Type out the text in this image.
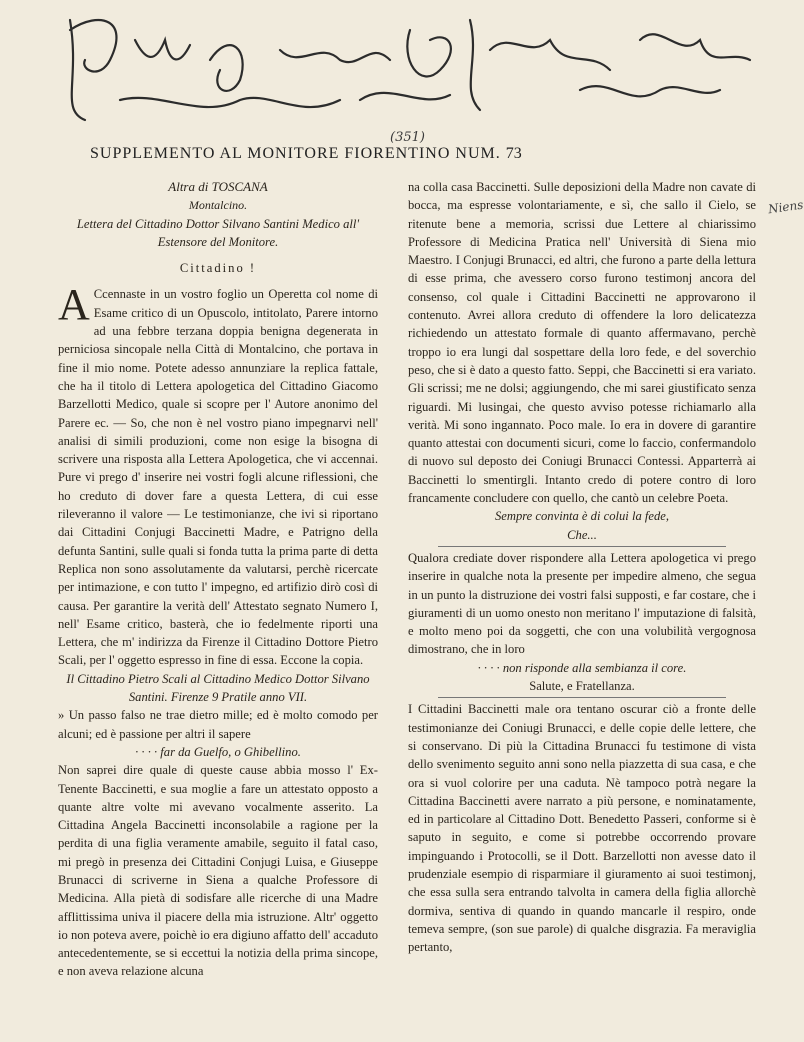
(351)
SUPPLEMENTO AL MONITORE FIORENTINO NUM. 73

Altra di TOSCANA

Montalcino.

Lettera del Cittadino Dottor Silvano Santini Medico all' Estensore del Monitore.

Cittadino !

A Ccennaste in un vostro foglio un Operetta col nome di Esame critico di un Opuscolo, intitolato, Parere intorno ad una febbre terzana doppia benigna degenerata in perniciosa sincopale nella Città di Montalcino, che portava in fine il mio nome. Potete adesso annunziare la replica fattale, che ha il titolo di Lettera apologetica del Cittadino Giacomo Barzellotti Medico, quale si scopre per l' Autore anonimo del Parere ec. — So, che non è nel vostro piano impegnarvi nell' analisi di simili produzioni, come non esige la bisogna di scrivere una risposta alla Lettera Apologetica, che vi accennai. Pure vi prego d' inserire nei vostri fogli alcune riflessioni, che ho creduto di dover fare a questa Lettera, di cui esse rileveranno il valore — Le testimonianze, che ivi si riportano dai Cittadini Conjugi Baccinetti Madre, e Patrigno della defunta Santini, sulle quali si fonda tutta la prima parte di detta Replica non sono assolutamente da valutarsi, perchè ricercate per intimazione, e con tutto l' impegno, ed artifizio dirò così di causa. Per garantire la verità dell' Attestato segnato Numero I, nell' Esame critico, basterà, che io fedelmente riporti una Lettera, che m' indirizza da Firenze il Cittadino Dottore Pietro Scali, per l' oggetto espresso in fine di essa. Eccone la copia.

Il Cittadino Pietro Scali al Cittadino Medico Dottor Silvano Santini. Firenze 9 Pratile anno VII.

» Un passo falso ne trae dietro mille; ed è molto comodo per alcuni; ed è passione per altri il sapere

· · · · far da Guelfo, o Ghibellino.

Non saprei dire quale di queste cause abbia mosso l' Ex-Tenente Baccinetti, e sua moglie a fare un attestato opposto a quante altre volte mi avevano vocalmente asserito. La Cittadina Angela Baccinetti inconsolabile a ragione per la perdita di una figlia veramente amabile, seguito il fatal caso, mi pregò in presenza dei Cittadini Conjugi Luisa, e Giuseppe Brunacci di scriverne in Siena a qualche Professore di Medicina. Alla pietà di sodisfare alle ricerche di una Madre afflittissima univa il piacere della mia istruzione. Altr' oggetto io non poteva avere, poichè io era digiuno affatto dell' accaduto antecedentemente, se si eccettui la notizia della prima sincope, e non aveva relazione alcuna

na colla casa Baccinetti. Sulle deposizioni della Madre non cavate di bocca, ma espresse volontariamente, e sì, che sallo il Cielo, se ritenute bene a memoria, scrissi due Lettere al chiarissimo Professore di Medicina Pratica nell' Università di Siena mio Maestro. I Conjugi Brunacci, ed altri, che furono a parte della lettura di esse prima, che avessero corso furono testimonj ancora del consenso, col quale i Cittadini Baccinetti ne approvarono il contenuto. Avrei allora creduto di offendere la loro delicatezza richiedendo un attestato formale di quanto affermavano, perchè troppo io era lungi dal sospettare della loro fede, e del soverchio peso, che si è dato a questo fatto. Seppi, che Baccinetti si era variato. Gli scrissi; me ne dolsi; aggiungendo, che mi sarei giustificato senza riguardi. Mi lusingai, che questo avviso potesse richiamarlo alla verità. Mi sono ingannato. Poco male. Io era in dovere di garantire quanto attestai con documenti sicuri, come lo faccio, confermandolo di nuovo sul deposto dei Coniugi Brunacci Contessi. Apparterrà ai Baccinetti lo smentirgli. Intanto credo di potere contro di loro francamente concludere con quello, che cantò un celebre Poeta.

Sempre convinta è di colui la fede,

Che...

Qualora crediate dover rispondere alla Lettera apologetica vi prego inserire in qualche nota la presente per impedire almeno, che segua in un punto la distruzione dei vostri falsi supposti, e far costare, che i giuramenti di un uomo onesto non meritano l' imputazione di falsità, e molto meno poi da soggetti, che con una volubilità vergognosa dimostrano, che in loro

· · · · non risponde alla sembianza il core.

Salute, e Fratellanza.

I Cittadini Baccinetti male ora tentano oscurar ciò a fronte delle testimonianze dei Coniugi Brunacci, e delle copie delle lettere, che si conservano. Di più la Cittadina Brunacci fu testimone di vista dello svenimento seguito anni sono nella piazzetta di sua casa, e che ora si vuol colorire per una caduta. Nè tampoco potrà negare la Cittadina Baccinetti avere narrato a più persone, e nominatamente, ed in particolare al Cittadino Dott. Benedetto Passeri, conforme si è saputo in seguito, e come si potrebbe occorrendo provare impinguando i Protocolli, se il Dott. Barzellotti non avesse dato il prudenziale esempio di risparmiare il giuramento ai suoi testimonj, che essa sulla sera entrando talvolta in camera della figlia allorchè dormiva, sentiva di quando in quando mancarle il respiro, onde temeva sempre, (son sue parole) di qualche disgrazia. Fa meraviglia pertanto,

Niens
